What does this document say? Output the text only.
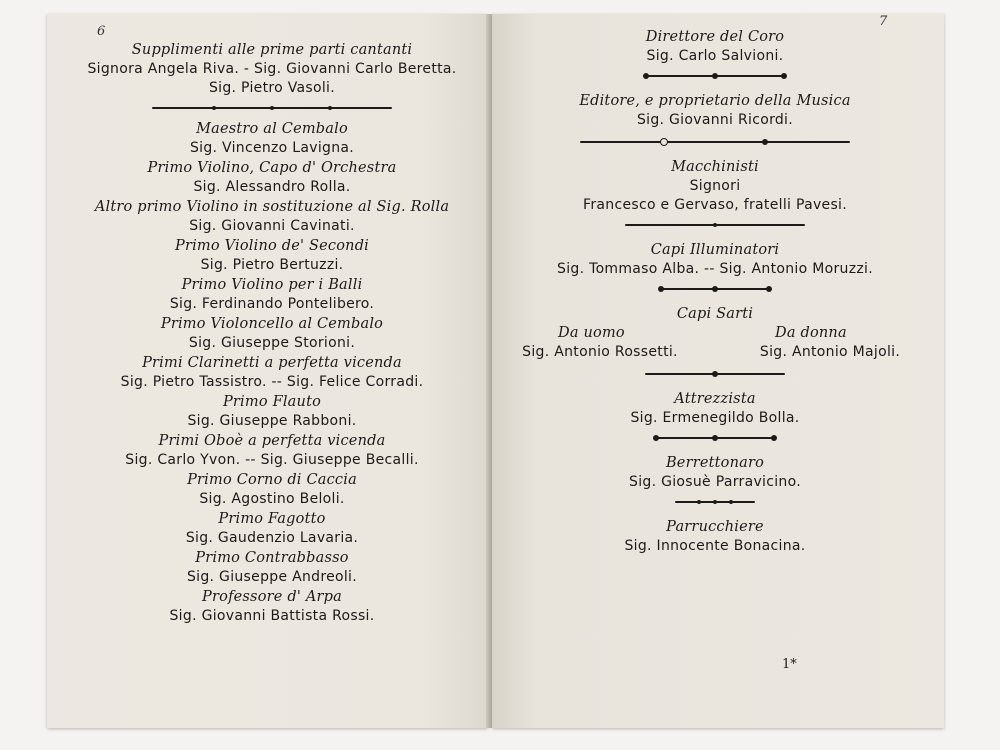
6
7

Supplimenti alle prime parti cantanti

Signora Angela Riva. - Sig. Giovanni Carlo Beretta.

Sig. Pietro Vasoli.

Maestro al Cembalo

Sig. Vincenzo Lavigna.

Primo Violino, Capo d' Orchestra

Sig. Alessandro Rolla.

Altro primo Violino in sostituzione al Sig. Rolla

Sig. Giovanni Cavinati.

Primo Violino de' Secondi

Sig. Pietro Bertuzzi.

Primo Violino per i Balli

Sig. Ferdinando Pontelibero.

Primo Violoncello al Cembalo

Sig. Giuseppe Storioni.

Primi Clarinetti a perfetta vicenda

Sig. Pietro Tassistro. -- Sig. Felice Corradi.

Primo Flauto

Sig. Giuseppe Rabboni.

Primi Oboè a perfetta vicenda

Sig. Carlo Yvon. -- Sig. Giuseppe Becalli.

Primo Corno di Caccia

Sig. Agostino Beloli.

Primo Fagotto

Sig. Gaudenzio Lavaria.

Primo Contrabbasso

Sig. Giuseppe Andreoli.

Professore d' Arpa

Sig. Giovanni Battista Rossi.

Direttore del Coro

Sig. Carlo Salvioni.

Editore, e proprietario della Musica

Sig. Giovanni Ricordi.

Macchinisti

Signori

Francesco e Gervaso, fratelli Pavesi.

Capi Illuminatori

Sig. Tommaso Alba. -- Sig. Antonio Moruzzi.

Capi Sarti

Da uomo

Sig. Antonio Rossetti.

Da donna

Sig. Antonio Majoli.

Attrezzista

Sig. Ermenegildo Bolla.

Berrettonaro

Sig. Giosuè Parravicino.

Parrucchiere

Sig. Innocente Bonacina.

1*
